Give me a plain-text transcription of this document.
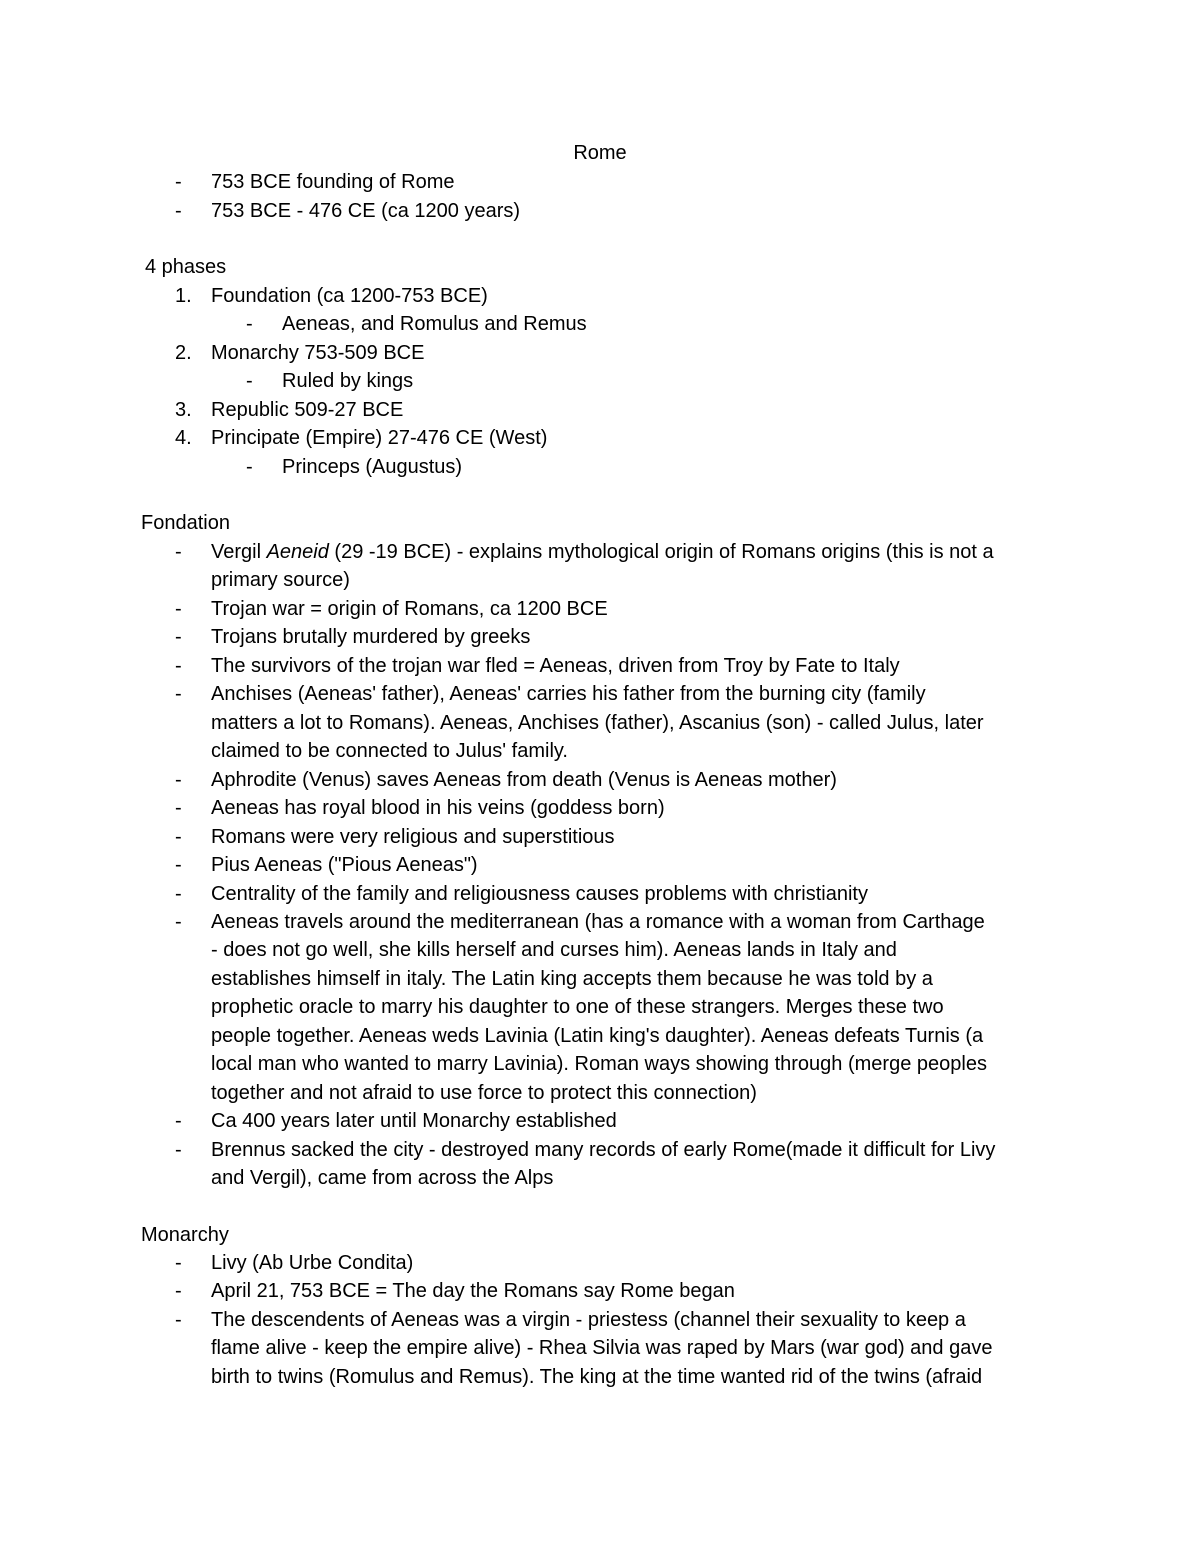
Rome
- 753 BCE founding of Rome
- 753 BCE - 476 CE (ca 1200 years)
4 phases
1. Foundation (ca 1200-753 BCE)
- Aeneas, and Romulus and Remus
2. Monarchy 753-509 BCE
- Ruled by kings
3. Republic 509-27 BCE
4. Principate (Empire) 27-476 CE (West)
- Princeps (Augustus)
Fondation
- Vergil Aeneid (29 -19 BCE) - explains mythological origin of Romans origins (this is not a
primary source)
- Trojan war = origin of Romans, ca 1200 BCE
- Trojans brutally murdered by greeks
- The survivors of the trojan war fled = Aeneas, driven from Troy by Fate to Italy
- Anchises (Aeneas' father), Aeneas' carries his father from the burning city (family
matters a lot to Romans). Aeneas, Anchises (father), Ascanius (son) - called Julus, later
claimed to be connected to Julus' family.
- Aphrodite (Venus) saves Aeneas from death (Venus is Aeneas mother)
- Aeneas has royal blood in his veins (goddess born)
- Romans were very religious and superstitious
- Pius Aeneas ("Pious Aeneas")
- Centrality of the family and religiousness causes problems with christianity
- Aeneas travels around the mediterranean (has a romance with a woman from Carthage
- does not go well, she kills herself and curses him). Aeneas lands in Italy and
establishes himself in italy. The Latin king accepts them because he was told by a
prophetic oracle to marry his daughter to one of these strangers. Merges these two
people together. Aeneas weds Lavinia (Latin king's daughter). Aeneas defeats Turnis (a
local man who wanted to marry Lavinia). Roman ways showing through (merge peoples
together and not afraid to use force to protect this connection)
- Ca 400 years later until Monarchy established
- Brennus sacked the city - destroyed many records of early Rome(made it difficult for Livy
and Vergil), came from across the Alps
Monarchy
- Livy (Ab Urbe Condita)
- April 21, 753 BCE = The day the Romans say Rome began
- The descendents of Aeneas was a virgin - priestess (channel their sexuality to keep a
flame alive - keep the empire alive) - Rhea Silvia was raped by Mars (war god) and gave
birth to twins (Romulus and Remus). The king at the time wanted rid of the twins (afraid
